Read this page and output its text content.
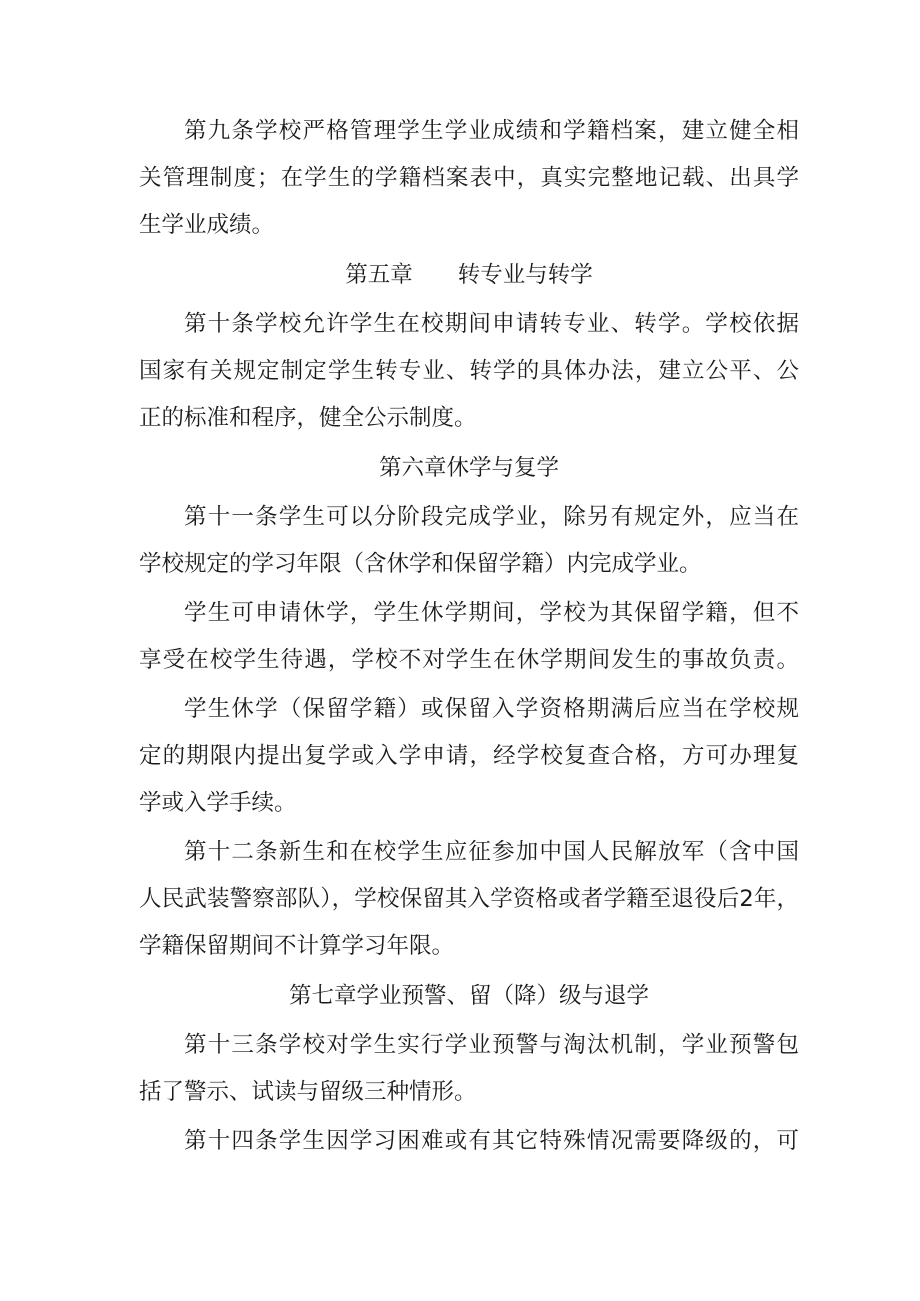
第九条学校严格管理学生学业成绩和学籍档案，建立健全相
关管理制度；在学生的学籍档案表中，真实完整地记载、出具学
生学业成绩。
第五章　　转专业与转学
第十条学校允许学生在校期间申请转专业、转学。学校依据
国家有关规定制定学生转专业、转学的具体办法，建立公平、公
正的标准和程序，健全公示制度。
第六章休学与复学
第十一条学生可以分阶段完成学业，除另有规定外，应当在
学校规定的学习年限（含休学和保留学籍）内完成学业。
学生可申请休学，学生休学期间，学校为其保留学籍，但不
享受在校学生待遇，学校不对学生在休学期间发生的事故负责。
学生休学（保留学籍）或保留入学资格期满后应当在学校规
定的期限内提出复学或入学申请，经学校复查合格，方可办理复
学或入学手续。
第十二条新生和在校学生应征参加中国人民解放军（含中国
人民武装警察部队），学校保留其入学资格或者学籍至退役后2年，
学籍保留期间不计算学习年限。
第七章学业预警、留（降）级与退学
第十三条学校对学生实行学业预警与淘汰机制，学业预警包
括了警示、试读与留级三种情形。
第十四条学生因学习困难或有其它特殊情况需要降级的，可
